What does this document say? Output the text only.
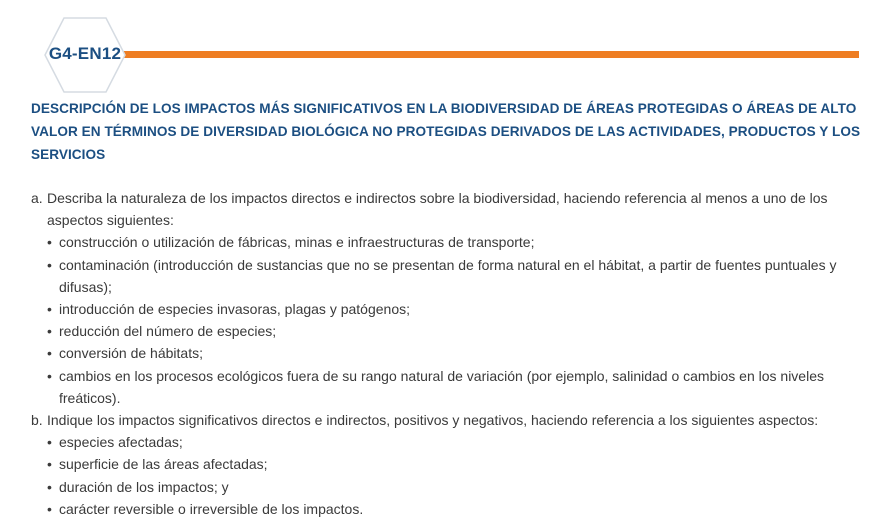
G4-EN12
DESCRIPCIÓN DE LOS IMPACTOS MÁS SIGNIFICATIVOS EN LA BIODIVERSIDAD DE ÁREAS PROTEGIDAS O ÁREAS DE ALTO VALOR EN TÉRMINOS DE DIVERSIDAD BIOLÓGICA NO PROTEGIDAS DERIVADOS DE LAS ACTIVIDADES, PRODUCTOS Y LOS SERVICIOS
a. Describa la naturaleza de los impactos directos e indirectos sobre la biodiversidad, haciendo referencia al menos a uno de los aspectos siguientes:
• construcción o utilización de fábricas, minas e infraestructuras de transporte;
• contaminación (introducción de sustancias que no se presentan de forma natural en el hábitat, a partir de fuentes puntuales y difusas);
• introducción de especies invasoras, plagas y patógenos;
• reducción del número de especies;
• conversión de hábitats;
• cambios en los procesos ecológicos fuera de su rango natural de variación (por ejemplo, salinidad o cambios en los niveles freáticos).
b. Indique los impactos significativos directos e indirectos, positivos y negativos, haciendo referencia a los siguientes aspectos:
• especies afectadas;
• superficie de las áreas afectadas;
• duración de los impactos; y
• carácter reversible o irreversible de los impactos.
